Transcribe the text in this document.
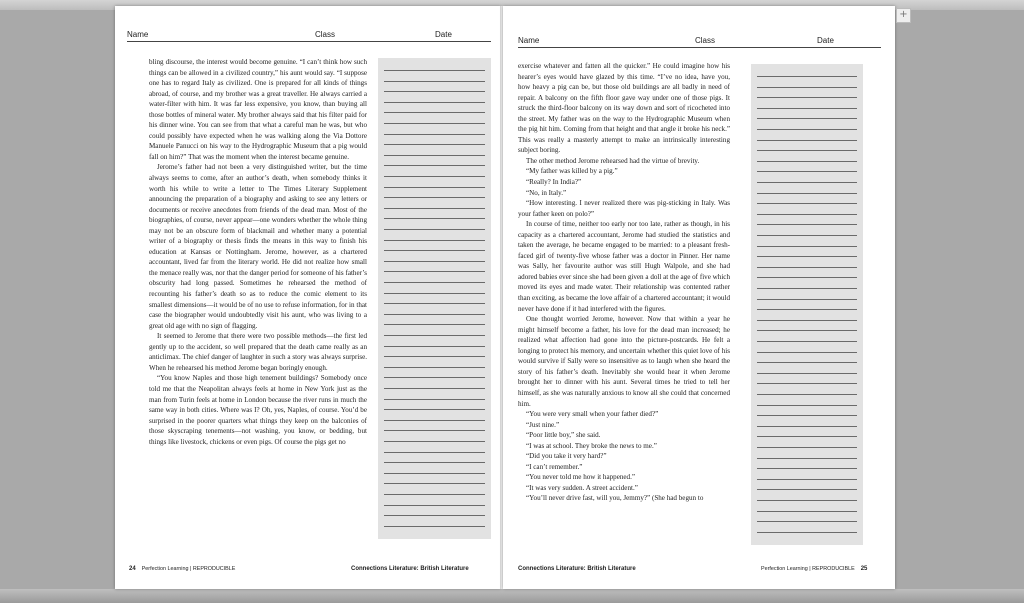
Name	Class	Date

bling discourse, the interest would become genuine. “I can’t think how such things can be allowed in a civilized country,” his aunt would say. “I suppose one has to regard Italy as civilized. One is prepared for all kinds of things abroad, of course, and my brother was a great traveller. He always carried a water-filter with him. It was far less expensive, you know, than buying all those bottles of mineral water. My brother always said that his filter paid for his dinner wine. You can see from that what a careful man he was, but who could possibly have expected when he was walking along the Via Dottore Manuele Panucci on his way to the Hydrographic Museum that a pig would fall on him?” That was the moment when the interest became genuine.

Jerome’s father had not been a very distinguished writer, but the time always seems to come, after an author’s death, when somebody thinks it worth his while to write a letter to The Times Literary Supplement announcing the preparation of a biography and asking to see any letters or documents or receive anecdotes from friends of the dead man. Most of the biographies, of course, never appear—one wonders whether the whole thing may not be an obscure form of blackmail and whether many a potential writer of a biography or thesis finds the means in this way to finish his education at Kansas or Nottingham. Jerome, however, as a chartered accountant, lived far from the literary world. He did not realize how small the menace really was, nor that the danger period for someone of his father’s obscurity had long passed. Sometimes he rehearsed the method of recounting his father’s death so as to reduce the comic element to its smallest dimensions—it would be of no use to refuse information, for in that case the biographer would undoubtedly visit his aunt, who was living to a great old age with no sign of flagging.

It seemed to Jerome that there were two possible methods—the first led gently up to the accident, so well prepared that the death came really as an anticlimax. The chief danger of laughter in such a story was always surprise. When he rehearsed his method Jerome began boringly enough.

“You know Naples and those high tenement buildings? Somebody once told me that the Neapolitan always feels at home in New York just as the man from Turin feels at home in London because the river runs in much the same way in both cities. Where was I? Oh, yes, Naples, of course. You’d be surprised in the poorer quarters what things they keep on the balconies of those skyscraping tenements—not washing, you know, or bedding, but things like livestock, chickens or even pigs. Of course the pigs get no

24 Perfection Learning | REPRODUCIBLE	Connections Literature: British Literature
Name	Class	Date

exercise whatever and fatten all the quicker.” He could imagine how his hearer’s eyes would have glazed by this time. “I’ve no idea, have you, how heavy a pig can be, but those old buildings are all badly in need of repair. A balcony on the fifth floor gave way under one of those pigs. It struck the third-floor balcony on its way down and sort of ricocheted into the street. My father was on the way to the Hydrographic Museum when the pig hit him. Coming from that height and that angle it broke his neck.” This was really a masterly attempt to make an intrinsically interesting subject boring.

The other method Jerome rehearsed had the virtue of brevity.

“My father was killed by a pig.”

“Really? In India?”

“No, in Italy.”

“How interesting. I never realized there was pig-sticking in Italy. Was your father keen on polo?”

In course of time, neither too early nor too late, rather as though, in his capacity as a chartered accountant, Jerome had studied the statistics and taken the average, he became engaged to be married: to a pleasant fresh-faced girl of twenty-five whose father was a doctor in Pinner. Her name was Sally, her favourite author was still Hugh Walpole, and she had adored babies ever since she had been given a doll at the age of five which moved its eyes and made water. Their relationship was contented rather than exciting, as became the love affair of a chartered accountant; it would never have done if it had interfered with the figures.

One thought worried Jerome, however. Now that within a year he might himself become a father, his love for the dead man increased; he realized what affection had gone into the picture-postcards. He felt a longing to protect his memory, and uncertain whether this quiet love of his would survive if Sally were so insensitive as to laugh when she heard the story of his father’s death. Inevitably she would hear it when Jerome brought her to dinner with his aunt. Several times he tried to tell her himself, as she was naturally anxious to know all she could that concerned him.

“You were very small when your father died?”

“Just nine.”

“Poor little boy,” she said.

“I was at school. They broke the news to me.”

“Did you take it very hard?”

“I can’t remember.”

“You never told me how it happened.”

“It was very sudden. A street accident.”

“You’ll never drive fast, will you, Jemmy?” (She had begun to

Connections Literature: British Literature	Perfection Learning | REPRODUCIBLE 25
+
